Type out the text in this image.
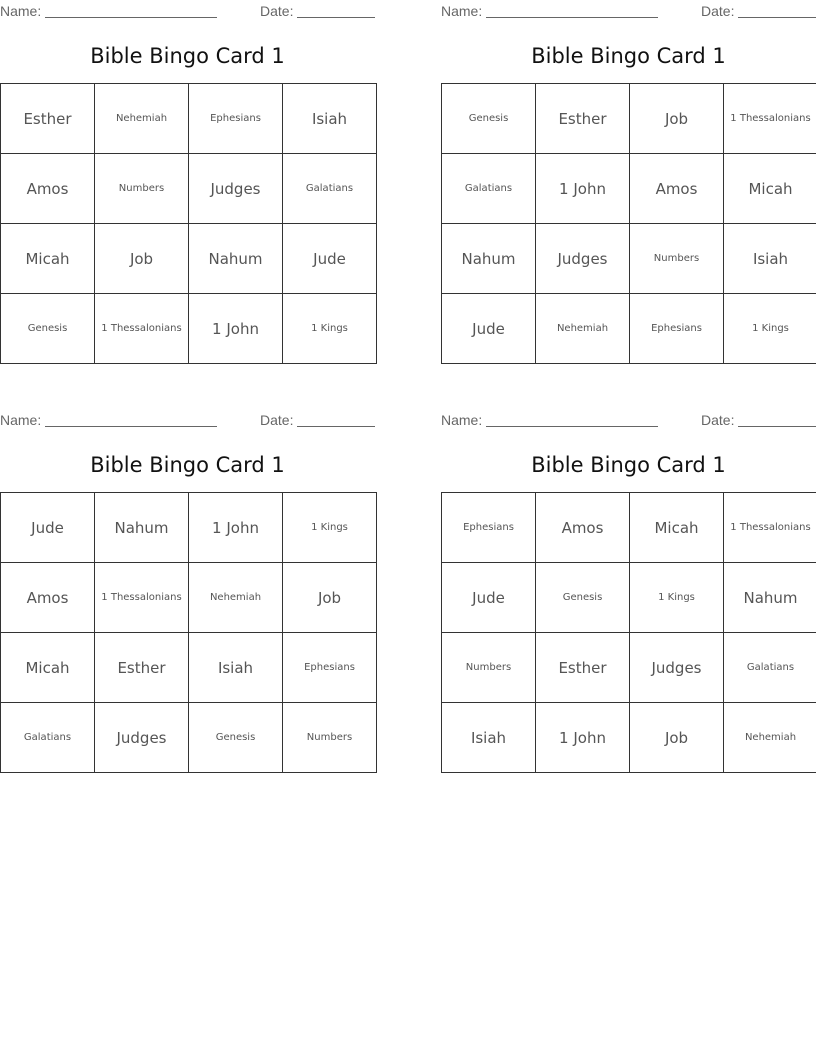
Name:	Date:
Bible Bingo Card 1
Esther	Nehemiah	Ephesians	Isiah
Amos	Numbers	Judges	Galatians
Micah	Job	Nahum	Jude
Genesis	1 Thessalonians	1 John	1 Kings
Name:	Date:
Bible Bingo Card 1
Genesis	Esther	Job	1 Thessalonians
Galatians	1 John	Amos	Micah
Nahum	Judges	Numbers	Isiah
Jude	Nehemiah	Ephesians	1 Kings
Name:	Date:
Bible Bingo Card 1
Jude	Nahum	1 John	1 Kings
Amos	1 Thessalonians	Nehemiah	Job
Micah	Esther	Isiah	Ephesians
Galatians	Judges	Genesis	Numbers
Name:	Date:
Bible Bingo Card 1
Ephesians	Amos	Micah	1 Thessalonians
Jude	Genesis	1 Kings	Nahum
Numbers	Esther	Judges	Galatians
Isiah	1 John	Job	Nehemiah
